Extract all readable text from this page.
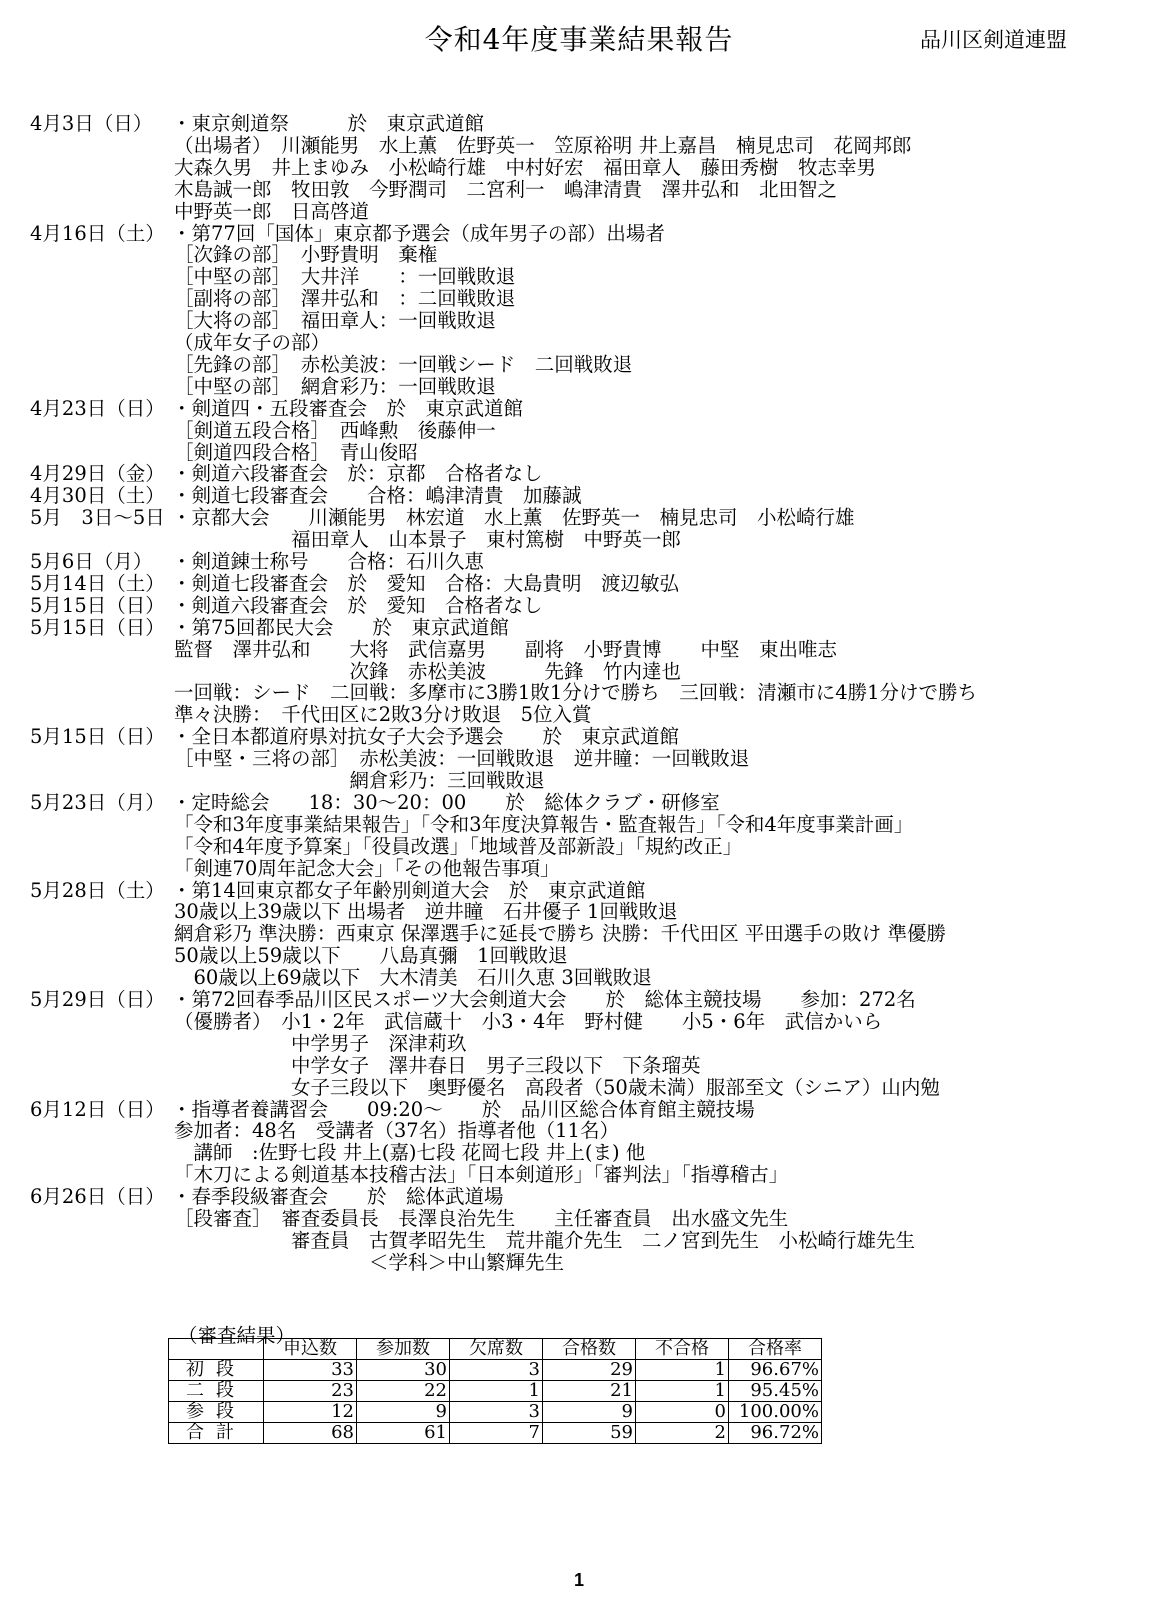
令和4年度事業結果報告	品川区剣道連盟
4月3日（日） ・東京剣道祭　　　於　東京武道館
（出場者）　川瀬能男　水上薫　佐野英一　笠原裕明 井上嘉昌　楠見忠司　花岡邦郎
大森久男　井上まゆみ　小松崎行雄　中村好宏　福田章人　藤田秀樹　牧志幸男
木島誠一郎　牧田敦　今野潤司　二宮利一　嶋津清貴　澤井弘和　北田智之
中野英一郎　日高啓道
4月16日（土） ・第77回「国体」東京都予選会（成年男子の部）出場者
［次鋒の部］　小野貴明　棄権
［中堅の部］　大井洋　　：一回戦敗退
［副将の部］　澤井弘和　：二回戦敗退
［大将の部］　福田章人：一回戦敗退
（成年女子の部）
［先鋒の部］　赤松美波：一回戦シード　二回戦敗退
［中堅の部］　網倉彩乃：一回戦敗退
4月23日（日） ・剣道四・五段審査会　於　東京武道館
［剣道五段合格］　西峰勲　後藤伸一
［剣道四段合格］　青山俊昭
4月29日（金） ・剣道六段審査会　於：京都　合格者なし
4月30日（土） ・剣道七段審査会　　合格：嶋津清貴　加藤誠
5月　3日～5日 ・京都大会　　川瀬能男　林宏道　水上薫　佐野英一　楠見忠司　小松崎行雄
　　　　　　福田章人　山本景子　東村篤樹　中野英一郎
5月6日（月） ・剣道錬士称号　　合格：石川久恵
5月14日（土） ・剣道七段審査会　於　愛知　合格：大島貴明　渡辺敏弘
5月15日（日） ・剣道六段審査会　於　愛知　合格者なし
5月15日（日） ・第75回都民大会　　於　東京武道館
監督　澤井弘和　　大将　武信嘉男　　副将　小野貴博　　中堅　東出唯志
　　　　　　　　　次鋒　赤松美波　　　先鋒　竹内達也
一回戦：シード　二回戦：多摩市に3勝1敗1分けで勝ち　三回戦：清瀬市に4勝1分けで勝ち
準々決勝：　千代田区に2敗3分け敗退　5位入賞
5月15日（日） ・全日本都道府県対抗女子大会予選会　　於　東京武道館
［中堅・三将の部］　赤松美波：一回戦敗退　逆井瞳：一回戦敗退
　　　　　　　　　網倉彩乃：三回戦敗退
5月23日（月） ・定時総会　　18：30～20：00　　於　総体クラブ・研修室
「令和3年度事業結果報告」「令和3年度決算報告・監査報告」「令和4年度事業計画」
「令和4年度予算案」「役員改選」「地域普及部新設」「規約改正」
「剣連70周年記念大会」「その他報告事項」
5月28日（土） ・第14回東京都女子年齢別剣道大会　於　東京武道館
30歳以上39歳以下 出場者　逆井瞳　石井優子 1回戦敗退
網倉彩乃 準決勝：西東京 保澤選手に延長で勝ち 決勝：千代田区 平田選手の敗け 準優勝
50歳以上59歳以下　　八島真彌　1回戦敗退
　60歳以上69歳以下　大木清美　石川久恵 3回戦敗退
5月29日（日） ・第72回春季品川区民スポーツ大会剣道大会　　於　総体主競技場　　参加：272名
（優勝者）　小1・2年　武信蔵十　小3・4年　野村健　　小5・6年　武信かいら
　　　　　　中学男子　深津莉玖
　　　　　　中学女子　澤井春日　男子三段以下　下条瑠英
　　　　　　女子三段以下　奥野優名　高段者（50歳未満）服部至文（シニア）山内勉
6月12日（日） ・指導者養講習会　　09:20～　　於　品川区総合体育館主競技場
参加者：48名　受講者（37名）指導者他（11名）
　講師　:佐野七段 井上(嘉)七段 花岡七段 井上(ま) 他
「木刀による剣道基本技稽古法」「日本剣道形」「審判法」「指導稽古」
6月26日（日） ・春季段級審査会　　於　総体武道場
［段審査］　審査委員長　長澤良治先生　　主任審査員　出水盛文先生
　　　　　　審査員　古賀孝昭先生　荒井龍介先生　二ノ宮到先生　小松崎行雄先生
　　　　　　　　　　＜学科＞中山繁輝先生
（審査結果）
	申込数	参加数	欠席数	合格数	不合格	合格率
初段	33	30	3	29	1	96.67%
二段	23	22	1	21	1	95.45%
参段	12	9	3	9	0	100.00%
合計	68	61	7	59	2	96.72%
1
